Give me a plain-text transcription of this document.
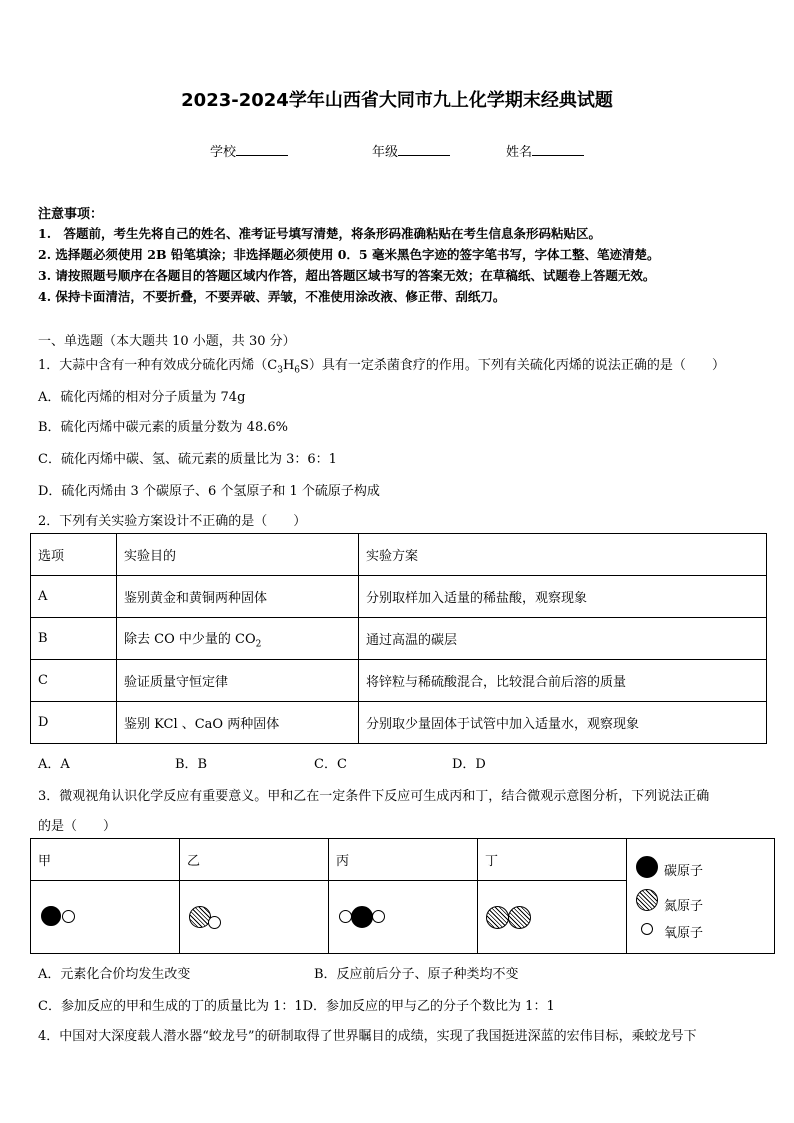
2023-2024学年山西省大同市九上化学期末经典试题
学校	年级	姓名
注意事项：
1.　答题前，考生先将自己的姓名、准考证号填写清楚，将条形码准确粘贴在考生信息条形码粘贴区。
2. 选择题必须使用 2B 铅笔填涂；非选择题必须使用 0．5 毫米黑色字迹的签字笔书写，字体工整、笔迹清楚。
3. 请按照题号顺序在各题目的答题区域内作答，超出答题区域书写的答案无效；在草稿纸、试题卷上答题无效。
4. 保持卡面清洁，不要折叠，不要弄破、弄皱，不准使用涂改液、修正带、刮纸刀。
一、单选题（本大题共 10 小题，共 30 分）
1．大蒜中含有一种有效成分硫化丙烯$(C_3H_6S)$具有一定杀菌食疗的作用。下列有关硫化丙烯的说法正确的是（　　）
A．硫化丙烯的相对分子质量为 74g
B．硫化丙烯中碳元素的质量分数为 48.6%
C．硫化丙烯中碳、氢、硫元素的质量比为 3：6：1
D．硫化丙烯由 3 个碳原子、6 个氢原子和 1 个硫原子构成
2．下列有关实验方案设计不正确的是（　　）
选项	实验目的	实验方案
A	鉴别黄金和黄铜两种固体	分别取样加入适量的稀盐酸，观察现象
B	除去 CO 中少量的 $CO_2$	通过高温的碳层
C	验证质量守恒定律	将锌粒与稀硫酸混合，比较混合前后溶的质量
D	鉴别 KCl 、CaO 两种固体	分别取少量固体于试管中加入适量水，观察现象
A．A	B．B	C．C	D．D
3．微观视角认识化学反应有重要意义。甲和乙在一定条件下反应可生成丙和丁，结合微观示意图分析，下列说法正确
的是（　　）
甲	乙	丙	丁	

碳原子
氮原子
氧原子
A．元素化合价均发生改变	B．反应前后分子、原子种类均不变
C．参加反应的甲和生成的丁的质量比为 1：1D．参加反应的甲与乙的分子个数比为 1：1
4．中国对大深度载人潜水器“蛟龙号”的研制取得了世界瞩目的成绩，实现了我国挺进深蓝的宏伟目标，乘蛟龙号下
